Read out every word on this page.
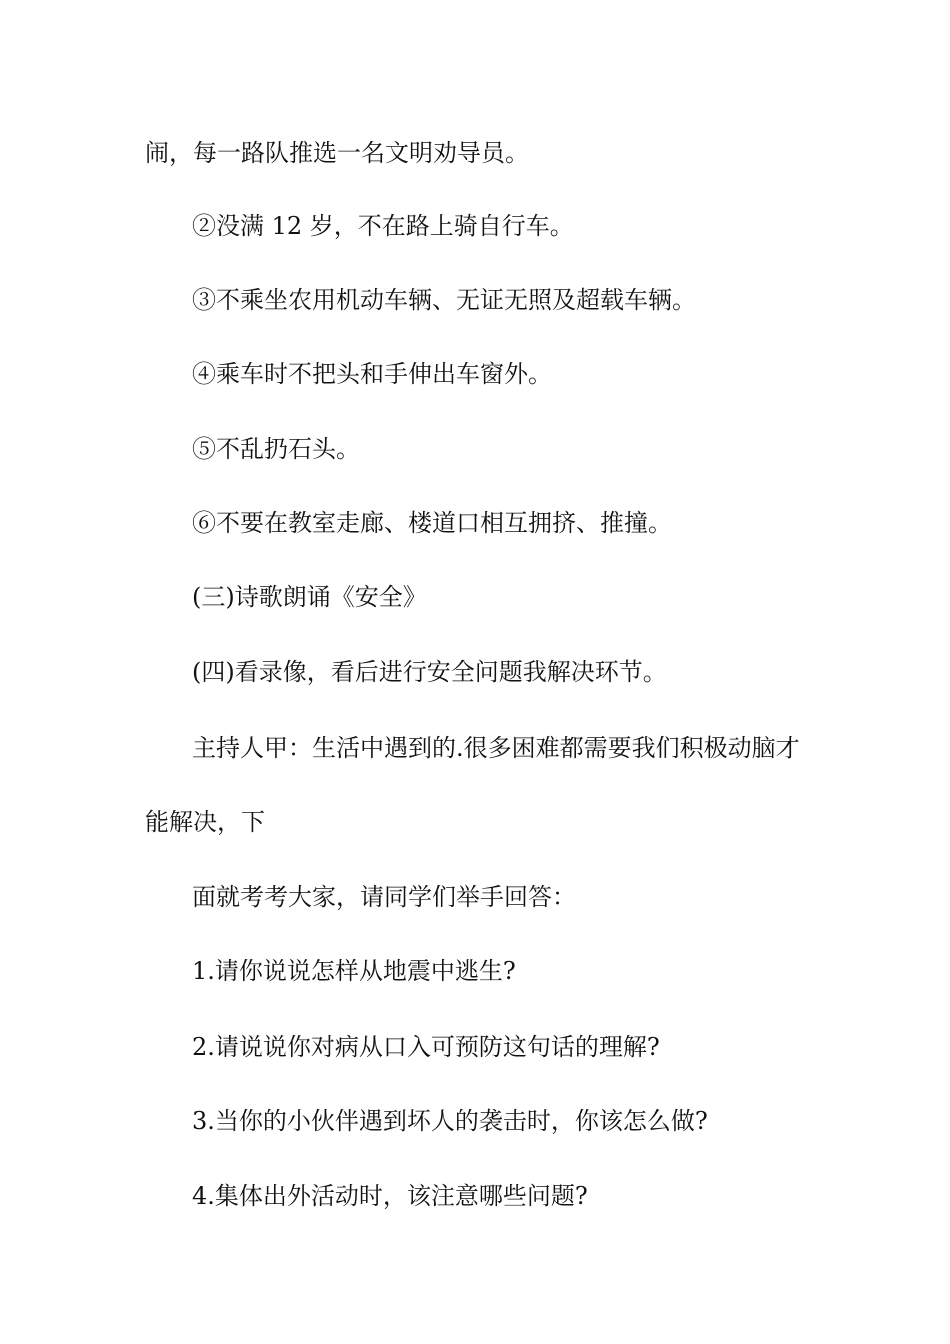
闹，每一路队推选一名文明劝导员。
②没满 12 岁，不在路上骑自行车。
③不乘坐农用机动车辆、无证无照及超载车辆。
④乘车时不把头和手伸出车窗外。
⑤不乱扔石头。
⑥不要在教室走廊、楼道口相互拥挤、推撞。
(三)诗歌朗诵《安全》
(四)看录像，看后进行安全问题我解决环节。
主持人甲：生活中遇到的.很多困难都需要我们积极动脑才
能解决，下
面就考考大家，请同学们举手回答：
1.请你说说怎样从地震中逃生?
2.请说说你对病从口入可预防这句话的理解?
3.当你的小伙伴遇到坏人的袭击时，你该怎么做?
4.集体出外活动时，该注意哪些问题?
